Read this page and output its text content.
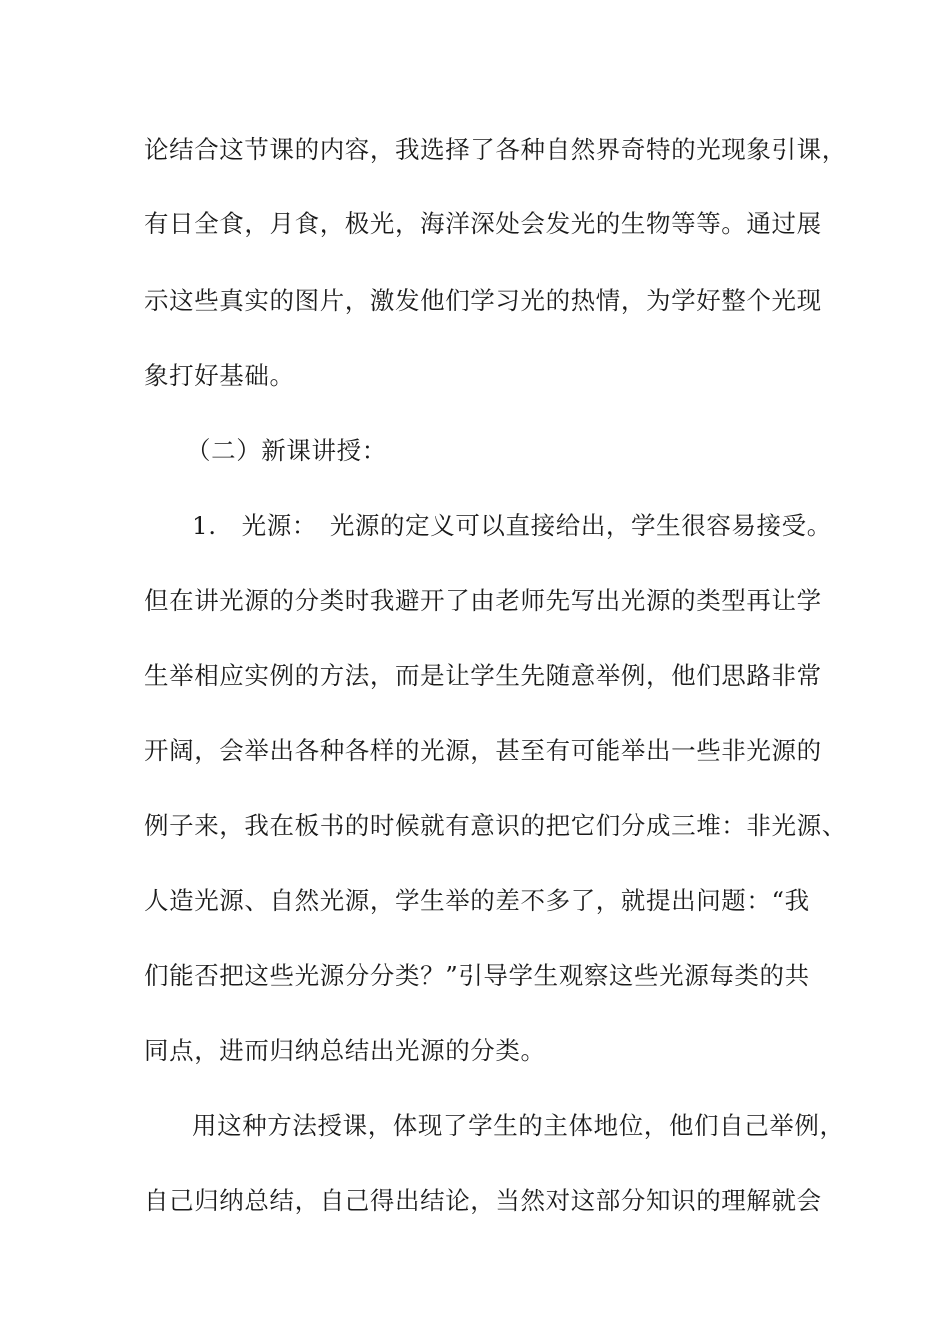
论结合这节课的内容，我选择了各种自然界奇特的光现象引课，
有日全食，月食，极光，海洋深处会发光的生物等等。通过展
示这些真实的图片，激发他们学习光的热情，为学好整个光现
象打好基础。
（二）新课讲授：
1.　光源：　光源的定义可以直接给出，学生很容易接受。
但在讲光源的分类时我避开了由老师先写出光源的类型再让学
生举相应实例的方法，而是让学生先随意举例，他们思路非常
开阔，会举出各种各样的光源，甚至有可能举出一些非光源的
例子来，我在板书的时候就有意识的把它们分成三堆：非光源、
人造光源、自然光源，学生举的差不多了，就提出问题：“我
们能否把这些光源分分类？”引导学生观察这些光源每类的共
同点，进而归纳总结出光源的分类。
用这种方法授课，体现了学生的主体地位，他们自己举例，
自己归纳总结，自己得出结论，当然对这部分知识的理解就会
